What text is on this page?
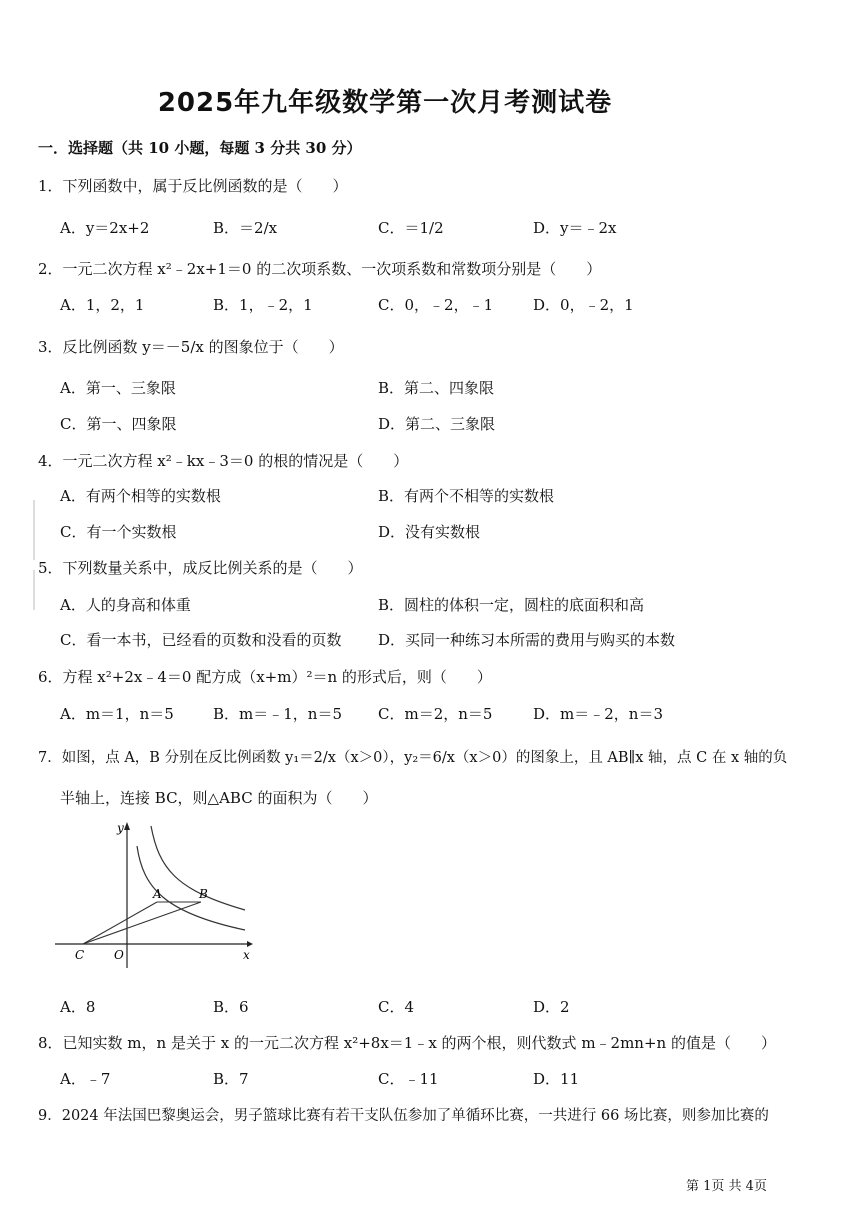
2025年九年级数学第一次月考测试卷
一．选择题（共 10 小题，每题 3 分共 30 分）
1．下列函数中，属于反比例函数的是（　　）
A．y＝2x+2	B．＝2/x	C．＝1/2	D．y＝﹣2x
2．一元二次方程 x²﹣2x+1＝0 的二次项系数、一次项系数和常数项分别是（　　）
A．1，2，1	B．1，﹣2，1	C．0，﹣2，﹣1	D．0，﹣2，1
3．反比例函数 y＝－5/x 的图象位于（　　）
A．第一、三象限	B．第二、四象限
C．第一、四象限	D．第二、三象限
4．一元二次方程 x²﹣kx﹣3＝0 的根的情况是（　　）
A．有两个相等的实数根	B．有两个不相等的实数根
C．有一个实数根	D．没有实数根
5．下列数量关系中，成反比例关系的是（　　）
A．人的身高和体重	B．圆柱的体积一定，圆柱的底面积和高
C．看一本书，已经看的页数和没看的页数 D．买同一种练习本所需的费用与购买的本数
6．方程 x²+2x﹣4＝0 配方成（x+m）²＝n 的形式后，则（　　）
A．m＝1，n＝5	B．m＝﹣1，n＝5 C．m＝2，n＝5	D．m＝﹣2，n＝3
7．如图，点 A，B 分别在反比例函数 y₁＝2/x（x＞0），y₂＝6/x（x＞0）的图象上，且 AB∥x 轴，点 C 在 x 轴的负
半轴上，连接 BC，则△ABC 的面积为（　　）
y
x
O
C
A	B
A．8	B．6	C．4	D．2
8．已知实数 m，n 是关于 x 的一元二次方程 x²+8x＝1﹣x 的两个根，则代数式 m﹣2mn+n 的值是（　　）
A．﹣7	B．7	C．﹣11	D．11
9．2024 年法国巴黎奥运会，男子篮球比赛有若干支队伍参加了单循环比赛，一共进行 66 场比赛，则参加比赛的
第 1页 共 4页
